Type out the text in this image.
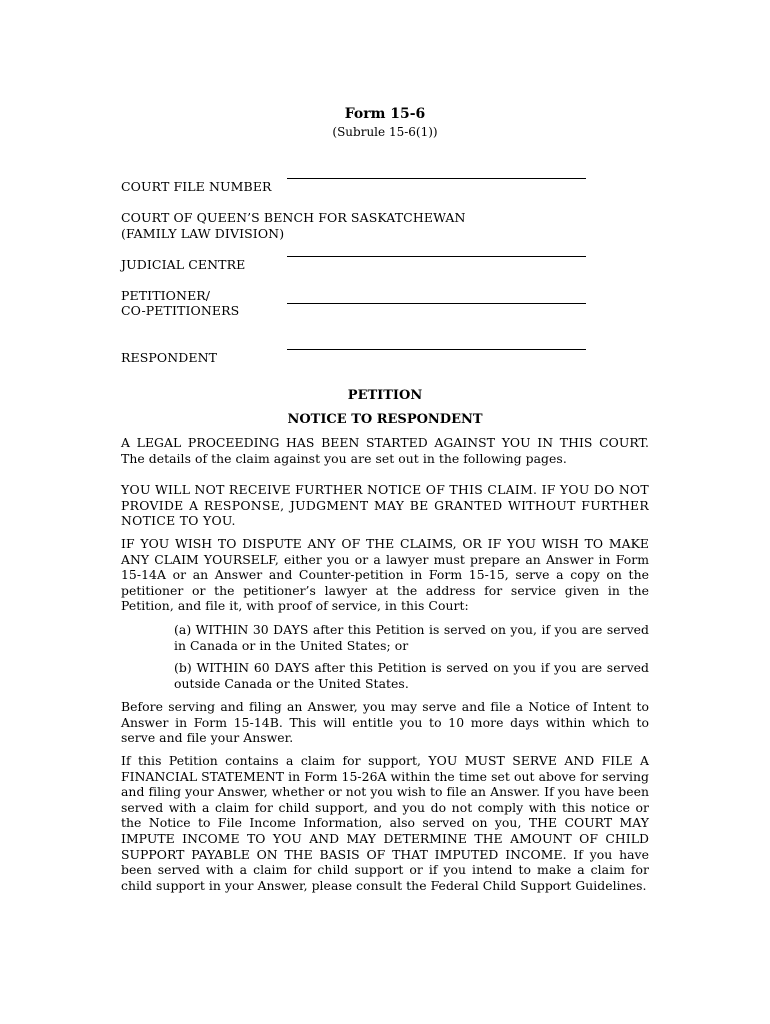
Form 15-6
(Subrule 15-6(1))
COURT FILE NUMBER
COURT OF QUEEN’S BENCH FOR SASKATCHEWAN
(FAMILY LAW DIVISION)
JUDICIAL CENTRE
PETITIONER/
CO-PETITIONERS
RESPONDENT
PETITION
NOTICE TO RESPONDENT
A LEGAL PROCEEDING HAS BEEN STARTED AGAINST YOU IN THIS COURT. The details of the claim against you are set out in the following pages.
YOU WILL NOT RECEIVE FURTHER NOTICE OF THIS CLAIM. IF YOU DO NOT PROVIDE A RESPONSE, JUDGMENT MAY BE GRANTED WITHOUT FURTHER NOTICE TO YOU.
IF YOU WISH TO DISPUTE ANY OF THE CLAIMS, OR IF YOU WISH TO MAKE ANY CLAIM YOURSELF, either you or a lawyer must prepare an Answer in Form 15-14A or an Answer and Counter-petition in Form 15-15, serve a copy on the petitioner or the petitioner’s lawyer at the address for service given in the Petition, and file it, with proof of service, in this Court:
(a) WITHIN 30 DAYS after this Petition is served on you, if you are served in Canada or in the United States; or
(b) WITHIN 60 DAYS after this Petition is served on you if you are served outside Canada or the United States.
Before serving and filing an Answer, you may serve and file a Notice of Intent to Answer in Form 15-14B. This will entitle you to 10 more days within which to serve and file your Answer.
If this Petition contains a claim for support, YOU MUST SERVE AND FILE A FINANCIAL STATEMENT in Form 15-26A within the time set out above for serving and filing your Answer, whether or not you wish to file an Answer. If you have been served with a claim for child support, and you do not comply with this notice or the Notice to File Income Information, also served on you, THE COURT MAY IMPUTE INCOME TO YOU AND MAY DETERMINE THE AMOUNT OF CHILD SUPPORT PAYABLE ON THE BASIS OF THAT IMPUTED INCOME. If you have been served with a claim for child support or if you intend to make a claim for child support in your Answer, please consult the Federal Child Support Guidelines.
